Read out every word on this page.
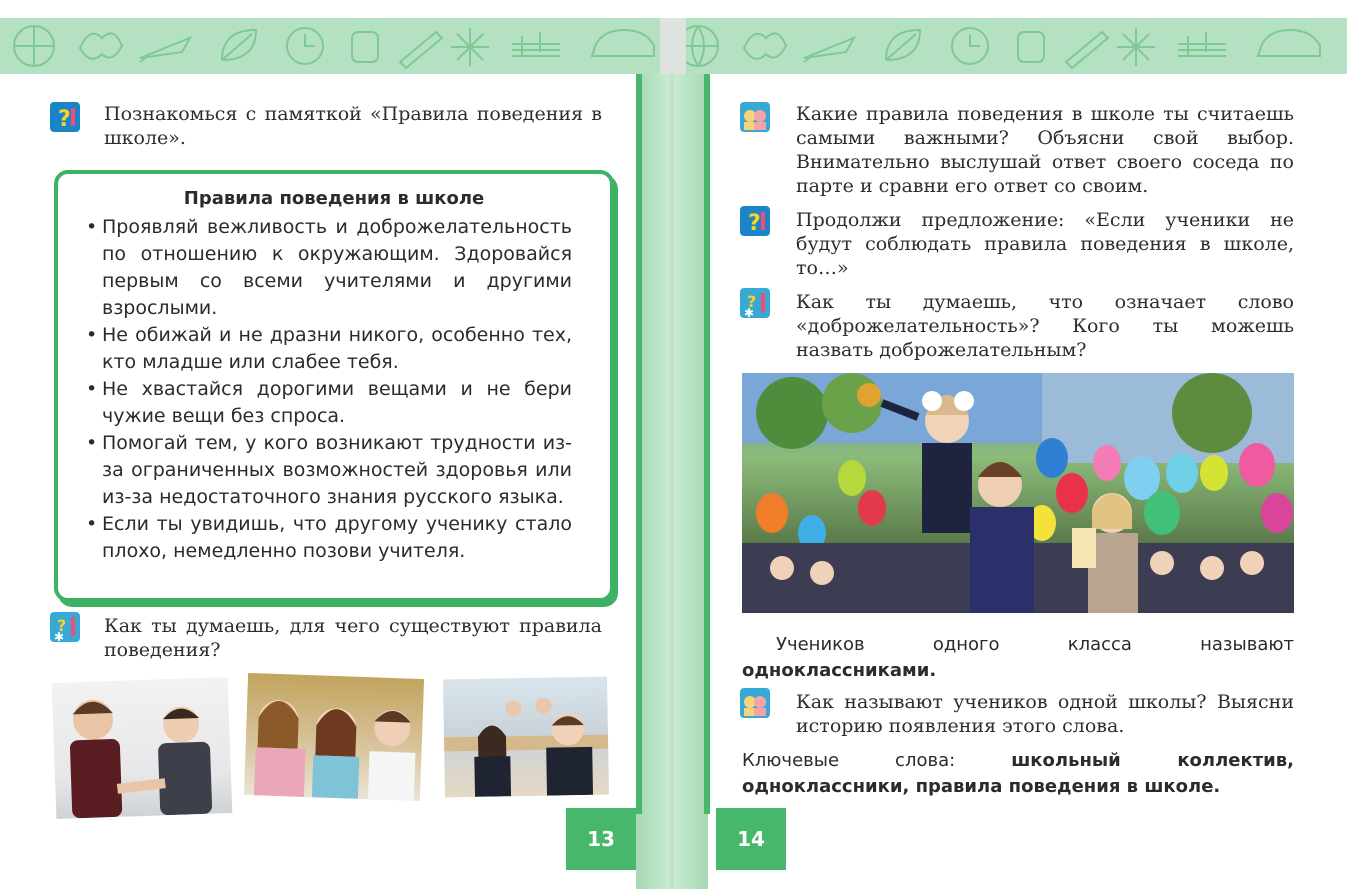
? Познакомься с памяткой «Правила поведения в школе».
Правила поведения в школе
• Проявляй вежливость и доброжелательность по отношению к окружающим. Здоровайся первым со всеми учителями и другими взрослыми.
• Не обижай и не дразни никого, особенно тех, кто младше или слабее тебя.
• Не хвастайся дорогими вещами и не бери чужие вещи без спроса.
• Помогай тем, у кого возникают трудности из-за ограниченных возможностей здоровья или из-за недостаточного знания русского языка.
• Если ты увидишь, что другому ученику стало плохо, немедленно позови учителя.
?
✱ Как ты думаешь, для чего существуют правила поведения?
13
Какие правила поведения в школе ты считаешь самыми важными? Объясни свой выбор. Внимательно выслушай ответ своего соседа по парте и сравни его ответ со своим.
? Продолжи предложение: «Если ученики не будут соблюдать правила поведения в школе, то…»
?
✱ Как ты думаешь, что означает слово «доброжелательность»? Кого ты можешь назвать доброжелательным?
Учеников одного класса называют одноклассниками.
Как называют учеников одной школы? Выясни историю появления этого слова.
Ключевые слова: школьный коллектив, одноклассники, правила поведения в школе.
14
